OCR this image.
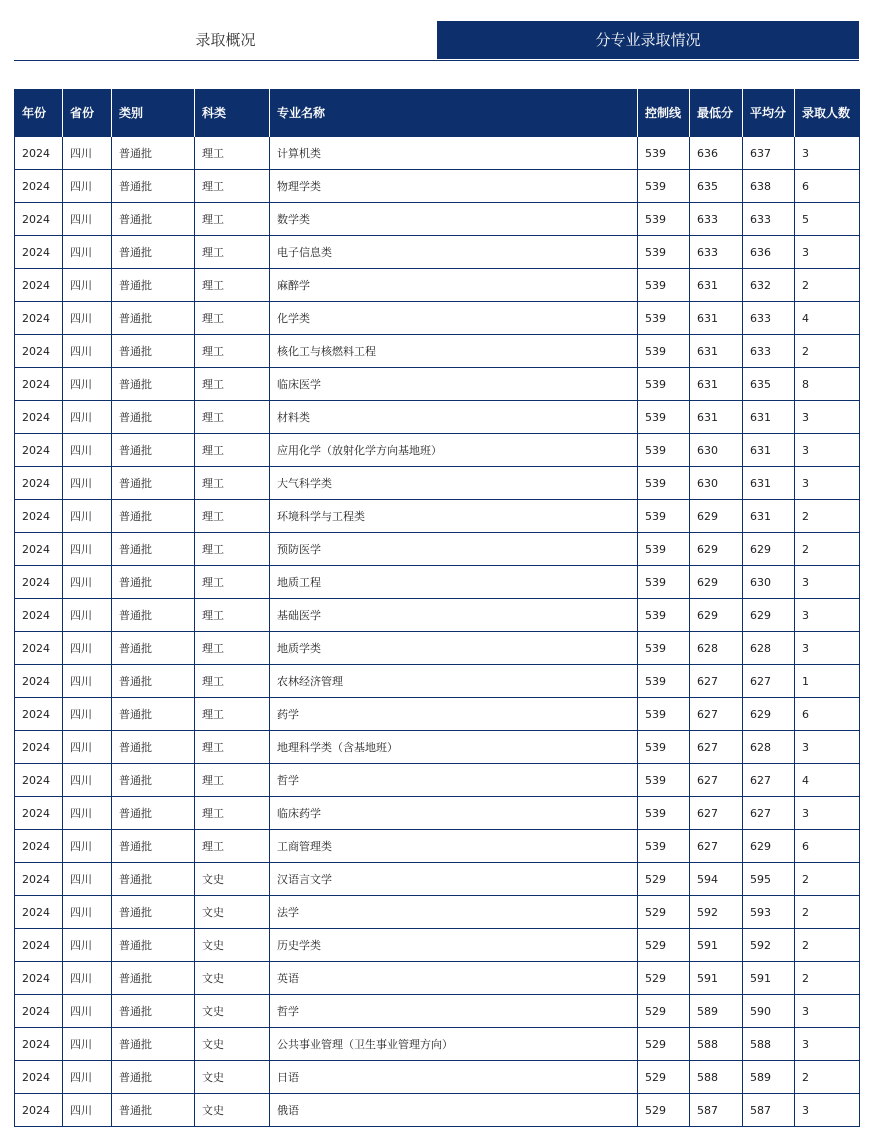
录取概况	分专业录取情况
年份	省份	类别	科类	专业名称	控制线	最低分	平均分	录取人数
2024	四川	普通批	理工	计算机类	539	636	637	3
2024	四川	普通批	理工	物理学类	539	635	638	6
2024	四川	普通批	理工	数学类	539	633	633	5
2024	四川	普通批	理工	电子信息类	539	633	636	3
2024	四川	普通批	理工	麻醉学	539	631	632	2
2024	四川	普通批	理工	化学类	539	631	633	4
2024	四川	普通批	理工	核化工与核燃料工程	539	631	633	2
2024	四川	普通批	理工	临床医学	539	631	635	8
2024	四川	普通批	理工	材料类	539	631	631	3
2024	四川	普通批	理工	应用化学（放射化学方向基地班）	539	630	631	3
2024	四川	普通批	理工	大气科学类	539	630	631	3
2024	四川	普通批	理工	环境科学与工程类	539	629	631	2
2024	四川	普通批	理工	预防医学	539	629	629	2
2024	四川	普通批	理工	地质工程	539	629	630	3
2024	四川	普通批	理工	基础医学	539	629	629	3
2024	四川	普通批	理工	地质学类	539	628	628	3
2024	四川	普通批	理工	农林经济管理	539	627	627	1
2024	四川	普通批	理工	药学	539	627	629	6
2024	四川	普通批	理工	地理科学类（含基地班）	539	627	628	3
2024	四川	普通批	理工	哲学	539	627	627	4
2024	四川	普通批	理工	临床药学	539	627	627	3
2024	四川	普通批	理工	工商管理类	539	627	629	6
2024	四川	普通批	文史	汉语言文学	529	594	595	2
2024	四川	普通批	文史	法学	529	592	593	2
2024	四川	普通批	文史	历史学类	529	591	592	2
2024	四川	普通批	文史	英语	529	591	591	2
2024	四川	普通批	文史	哲学	529	589	590	3
2024	四川	普通批	文史	公共事业管理（卫生事业管理方向）	529	588	588	3
2024	四川	普通批	文史	日语	529	588	589	2
2024	四川	普通批	文史	俄语	529	587	587	3
